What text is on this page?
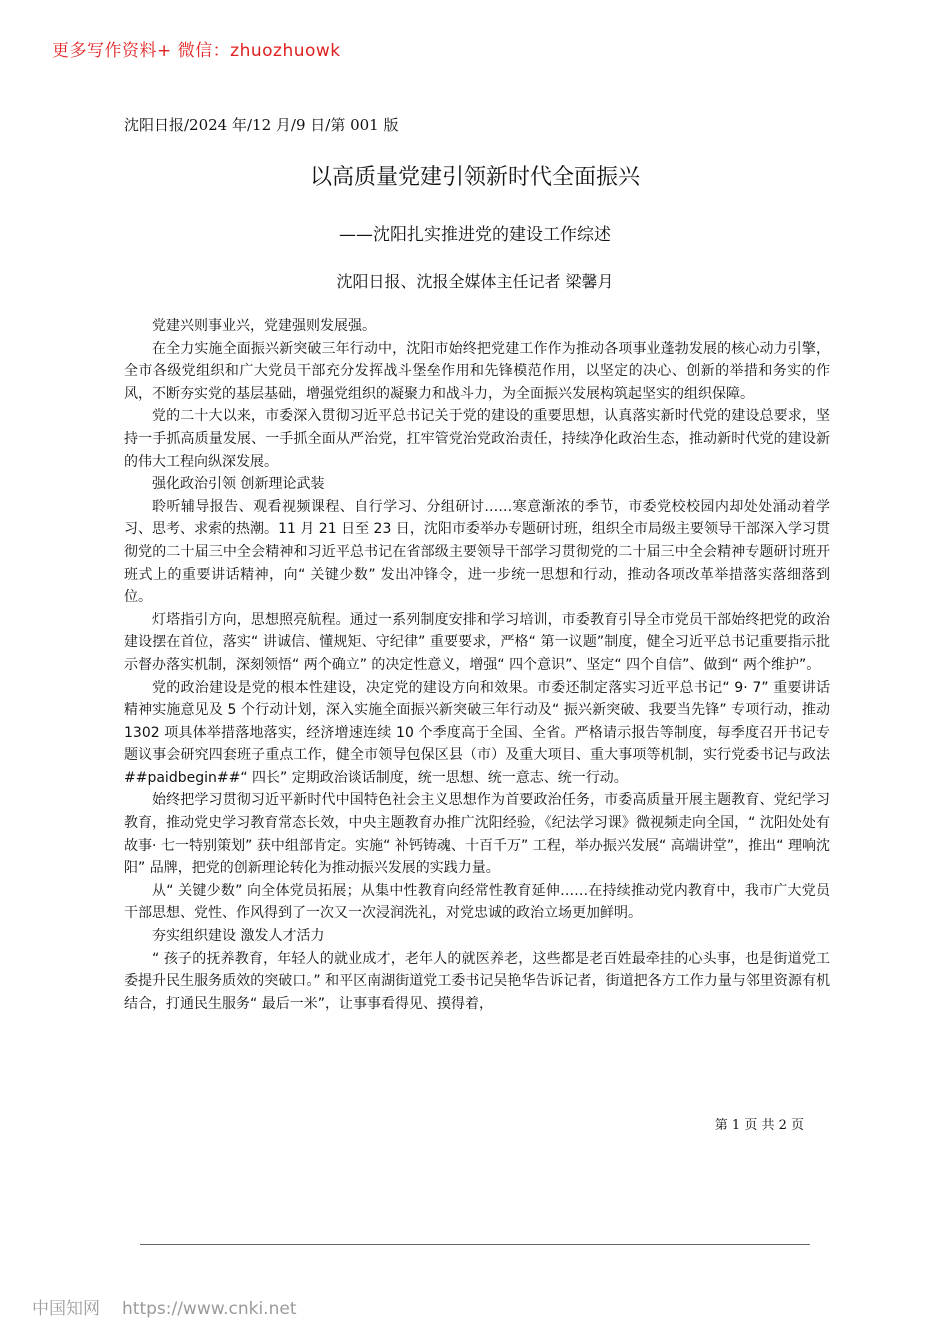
更多写作资料+ 微信：zhuozhuowk
沈阳日报/2024 年/12 月/9 日/第 001 版
以高质量党建引领新时代全面振兴
——沈阳扎实推进党的建设工作综述
沈阳日报、沈报全媒体主任记者 梁馨月

党建兴则事业兴，党建强则发展强。

在全力实施全面振兴新突破三年行动中，沈阳市始终把党建工作作为推动各项事业蓬勃发展的核心动力引擎，全市各级党组织和广大党员干部充分发挥战斗堡垒作用和先锋模范作用，以坚定的决心、创新的举措和务实的作风，不断夯实党的基层基础，增强党组织的凝聚力和战斗力，为全面振兴发展构筑起坚实的组织保障。

党的二十大以来，市委深入贯彻习近平总书记关于党的建设的重要思想，认真落实新时代党的建设总要求，坚持一手抓高质量发展、一手抓全面从严治党，扛牢管党治党政治责任，持续净化政治生态，推动新时代党的建设新的伟大工程向纵深发展。

强化政治引领 创新理论武装

聆听辅导报告、观看视频课程、自行学习、分组研讨……寒意渐浓的季节，市委党校校园内却处处涌动着学习、思考、求索的热潮。11 月 21 日至 23 日，沈阳市委举办专题研讨班，组织全市局级主要领导干部深入学习贯彻党的二十届三中全会精神和习近平总书记在省部级主要领导干部学习贯彻党的二十届三中全会精神专题研讨班开班式上的重要讲话精神，向“ 关键少数” 发出冲锋令，进一步统一思想和行动，推动各项改革举措落实落细落到位。

灯塔指引方向，思想照亮航程。通过一系列制度安排和学习培训，市委教育引导全市党员干部始终把党的政治建设摆在首位，落实“ 讲诚信、懂规矩、守纪律” 重要要求，严格“ 第一议题”制度，健全习近平总书记重要指示批示督办落实机制，深刻领悟“ 两个确立” 的决定性意义，增强“ 四个意识”、坚定“ 四个自信”、做到“ 两个维护”。

党的政治建设是党的根本性建设，决定党的建设方向和效果。市委还制定落实习近平总书记“ 9· 7” 重要讲话精神实施意见及 5 个行动计划，深入实施全面振兴新突破三年行动及“ 振兴新突破、我要当先锋” 专项行动，推动 1302 项具体举措落地落实，经济增速连续 10 个季度高于全国、全省。严格请示报告等制度，每季度召开书记专题议事会研究四套班子重点工作，健全市领导包保区县（市）及重大项目、重大事项等机制，实行党委书记与政法##paidbegin##“ 四长” 定期政治谈话制度，统一思想、统一意志、统一行动。

始终把学习贯彻习近平新时代中国特色社会主义思想作为首要政治任务，市委高质量开展主题教育、党纪学习教育，推动党史学习教育常态长效，中央主题教育办推广沈阳经验，《纪法学习课》微视频走向全国，“ 沈阳处处有故事· 七一特别策划” 获中组部肯定。实施“ 补钙铸魂、十百千万” 工程，举办振兴发展“ 高端讲堂”，推出“ 理响沈阳” 品牌，把党的创新理论转化为推动振兴发展的实践力量。

从“ 关键少数” 向全体党员拓展；从集中性教育向经常性教育延伸……在持续推动党内教育中，我市广大党员干部思想、党性、作风得到了一次又一次浸润洗礼，对党忠诚的政治立场更加鲜明。

夯实组织建设 激发人才活力

“ 孩子的抚养教育，年轻人的就业成才，老年人的就医养老，这些都是老百姓最牵挂的心头事，也是街道党工委提升民生服务质效的突破口。” 和平区南湖街道党工委书记吴艳华告诉记者，街道把各方工作力量与邻里资源有机结合，打通民生服务“ 最后一米”，让事事看得见、摸得着，

第 1 页 共 2 页
中国知网 https://www.cnki.net
